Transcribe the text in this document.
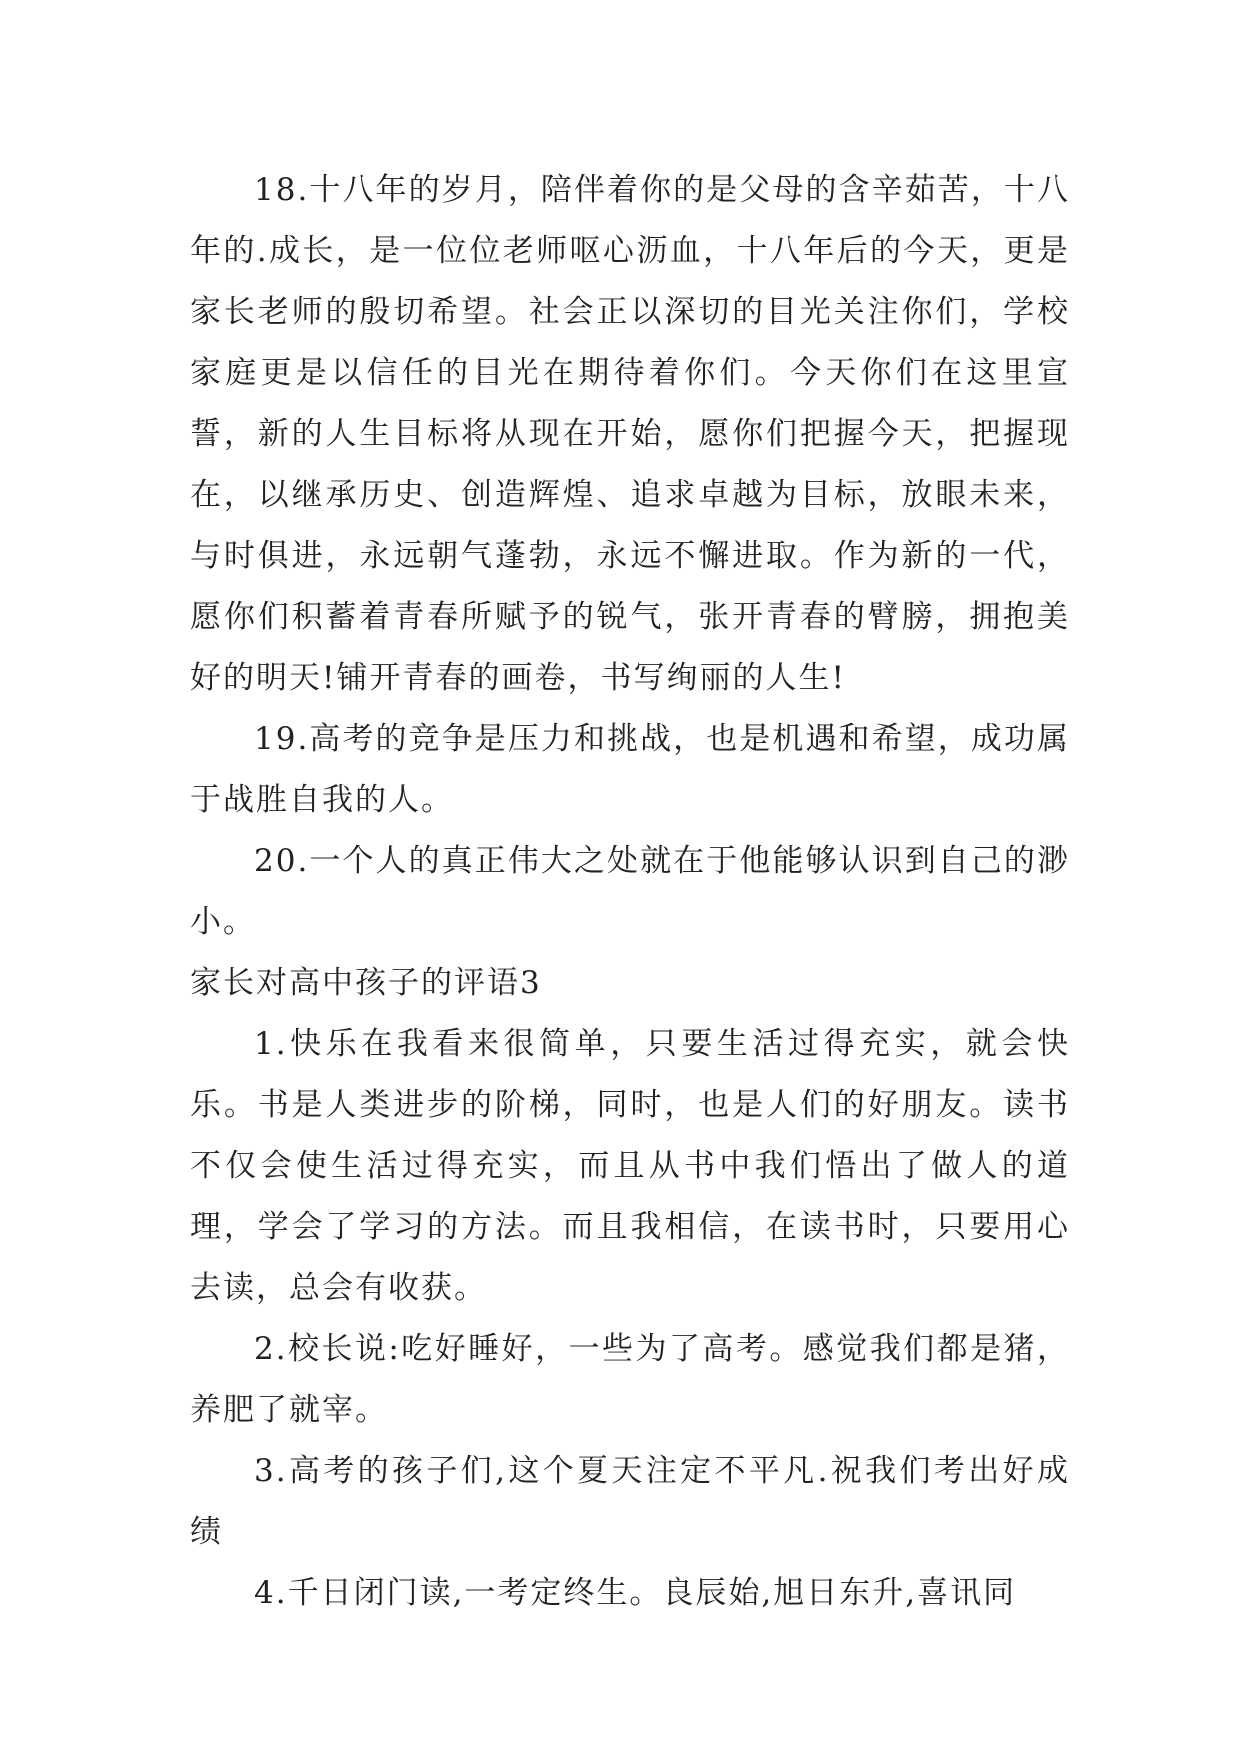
18.十八年的岁月，陪伴着你的是父母的含辛茹苦，十八年的.成长，是一位位老师呕心沥血，十八年后的今天，更是家长老师的殷切希望。社会正以深切的目光关注你们，学校家庭更是以信任的目光在期待着你们。今天你们在这里宣誓，新的人生目标将从现在开始，愿你们把握今天，把握现在，以继承历史、创造辉煌、追求卓越为目标，放眼未来，与时俱进，永远朝气蓬勃，永远不懈进取。作为新的一代，愿你们积蓄着青春所赋予的锐气，张开青春的臂膀，拥抱美好的明天!铺开青春的画卷，书写绚丽的人生!

19.高考的竞争是压力和挑战，也是机遇和希望，成功属于战胜自我的人。

20.一个人的真正伟大之处就在于他能够认识到自己的渺小。

家长对高中孩子的评语3

1.快乐在我看来很简单，只要生活过得充实，就会快乐。书是人类进步的阶梯，同时，也是人们的好朋友。读书不仅会使生活过得充实，而且从书中我们悟出了做人的道理，学会了学习的方法。而且我相信，在读书时，只要用心去读，总会有收获。

2.校长说:吃好睡好，一些为了高考。感觉我们都是猪，养肥了就宰。

3.高考的孩子们,这个夏天注定不平凡.祝我们考出好成绩

4.千日闭门读,一考定终生。良辰始,旭日东升,喜讯同
